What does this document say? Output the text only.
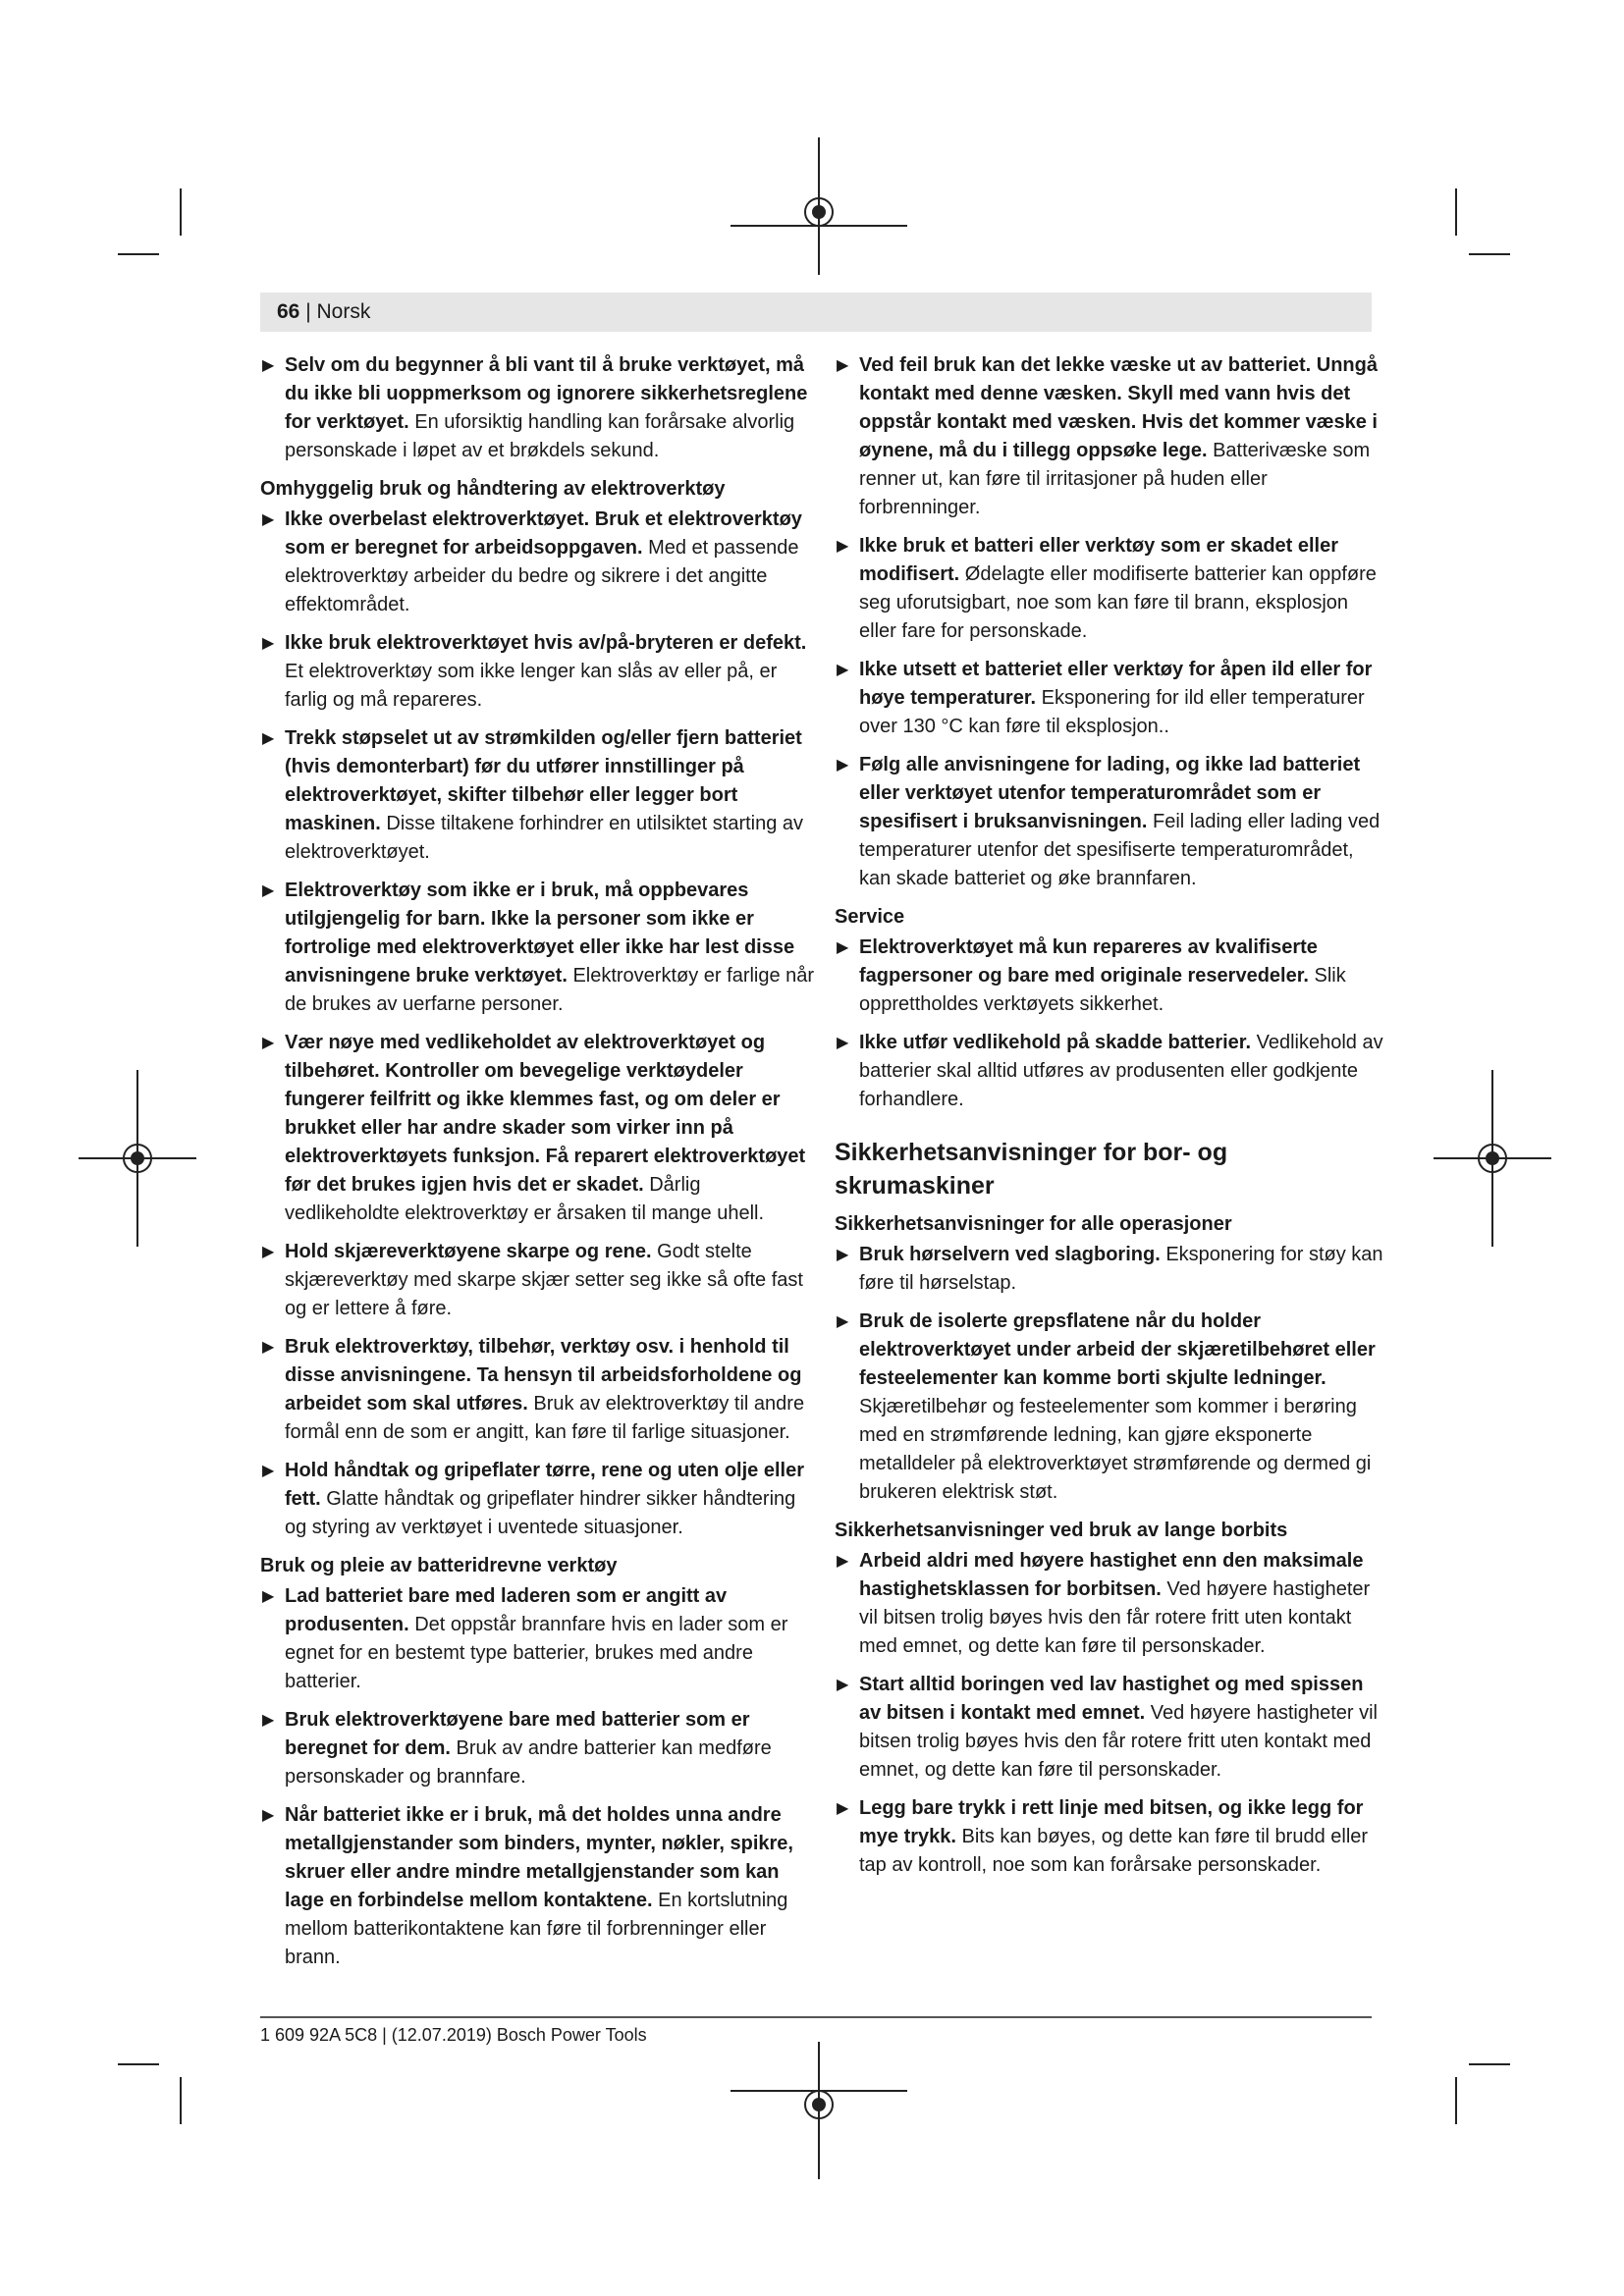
66 | Norsk
▶ Selv om du begynner å bli vant til å bruke verktøyet, må du ikke bli uoppmerksom og ignorere sikkerhetsreglene for verktøyet. En uforsiktig handling kan forårsake alvorlig personskade i løpet av et brøkdels sekund.
Omhyggelig bruk og håndtering av elektroverktøy
▶ Ikke overbelast elektroverktøyet. Bruk et elektroverktøy som er beregnet for arbeidsoppgaven. Med et passende elektroverktøy arbeider du bedre og sikrere i det angitte effektområdet.
▶ Ikke bruk elektroverktøyet hvis av/på-bryteren er defekt. Et elektroverktøy som ikke lenger kan slås av eller på, er farlig og må repareres.
▶ Trekk støpselet ut av strømkilden og/eller fjern batteriet (hvis demonterbart) før du utfører innstillinger på elektroverktøyet, skifter tilbehør eller legger bort maskinen. Disse tiltakene forhindrer en utilsiktet starting av elektroverktøyet.
▶ Elektroverktøy som ikke er i bruk, må oppbevares utilgjengelig for barn. Ikke la personer som ikke er fortrolige med elektroverktøyet eller ikke har lest disse anvisningene bruke verktøyet. Elektroverktøy er farlige når de brukes av uerfarne personer.
▶ Vær nøye med vedlikeholdet av elektroverktøyet og tilbehøret. Kontroller om bevegelige verktøydeler fungerer feilfritt og ikke klemmes fast, og om deler er brukket eller har andre skader som virker inn på elektroverktøyets funksjon. Få reparert elektroverktøyet før det brukes igjen hvis det er skadet. Dårlig vedlikeholdte elektroverktøy er årsaken til mange uhell.
▶ Hold skjæreverktøyene skarpe og rene. Godt stelte skjæreverktøy med skarpe skjær setter seg ikke så ofte fast og er lettere å føre.
▶ Bruk elektroverktøy, tilbehør, verktøy osv. i henhold til disse anvisningene. Ta hensyn til arbeidsforholdene og arbeidet som skal utføres. Bruk av elektroverktøy til andre formål enn de som er angitt, kan føre til farlige situasjoner.
▶ Hold håndtak og gripeflater tørre, rene og uten olje eller fett. Glatte håndtak og gripeflater hindrer sikker håndtering og styring av verktøyet i uventede situasjoner.
Bruk og pleie av batteridrevne verktøy
▶ Lad batteriet bare med laderen som er angitt av produsenten. Det oppstår brannfare hvis en lader som er egnet for en bestemt type batterier, brukes med andre batterier.
▶ Bruk elektroverktøyene bare med batterier som er beregnet for dem. Bruk av andre batterier kan medføre personskader og brannfare.
▶ Når batteriet ikke er i bruk, må det holdes unna andre metallgjenstander som binders, mynter, nøkler, spikre, skruer eller andre mindre metallgjenstander som kan lage en forbindelse mellom kontaktene. En kortslutning mellom batterikontaktene kan føre til forbrenninger eller brann.
▶ Ved feil bruk kan det lekke væske ut av batteriet. Unngå kontakt med denne væsken. Skyll med vann hvis det oppstår kontakt med væsken. Hvis det kommer væske i øynene, må du i tillegg oppsøke lege. Batterivæske som renner ut, kan føre til irritasjoner på huden eller forbrenninger.
▶ Ikke bruk et batteri eller verktøy som er skadet eller modifisert. Ødelagte eller modifiserte batterier kan oppføre seg uforutsigbart, noe som kan føre til brann, eksplosjon eller fare for personskade.
▶ Ikke utsett et batteriet eller verktøy for åpen ild eller for høye temperaturer. Eksponering for ild eller temperaturer over 130 °C kan føre til eksplosjon..
▶ Følg alle anvisningene for lading, og ikke lad batteriet eller verktøyet utenfor temperaturområdet som er spesifisert i bruksanvisningen. Feil lading eller lading ved temperaturer utenfor det spesifiserte temperaturområdet, kan skade batteriet og øke brannfaren.
Service
▶ Elektroverktøyet må kun repareres av kvalifiserte fagpersoner og bare med originale reservedeler. Slik opprettholdes verktøyets sikkerhet.
▶ Ikke utfør vedlikehold på skadde batterier. Vedlikehold av batterier skal alltid utføres av produsenten eller godkjente forhandlere.
Sikkerhetsanvisninger for bor- og skrumaskiner
Sikkerhetsanvisninger for alle operasjoner
▶ Bruk hørselvern ved slagboring. Eksponering for støy kan føre til hørselstap.
▶ Bruk de isolerte grepsflatene når du holder elektroverktøyet under arbeid der skjæretilbehøret eller festeelementer kan komme borti skjulte ledninger. Skjæretilbehør og festeelementer som kommer i berøring med en strømførende ledning, kan gjøre eksponerte metalldeler på elektroverktøyet strømførende og dermed gi brukeren elektrisk støt.
Sikkerhetsanvisninger ved bruk av lange borbits
▶ Arbeid aldri med høyere hastighet enn den maksimale hastighetsklassen for borbitsen. Ved høyere hastigheter vil bitsen trolig bøyes hvis den får rotere fritt uten kontakt med emnet, og dette kan føre til personskader.
▶ Start alltid boringen ved lav hastighet og med spissen av bitsen i kontakt med emnet. Ved høyere hastigheter vil bitsen trolig bøyes hvis den får rotere fritt uten kontakt med emnet, og dette kan føre til personskader.
▶ Legg bare trykk i rett linje med bitsen, og ikke legg for mye trykk. Bits kan bøyes, og dette kan føre til brudd eller tap av kontroll, noe som kan forårsake personskader.
1 609 92A 5C8 | (12.07.2019) Bosch Power Tools
